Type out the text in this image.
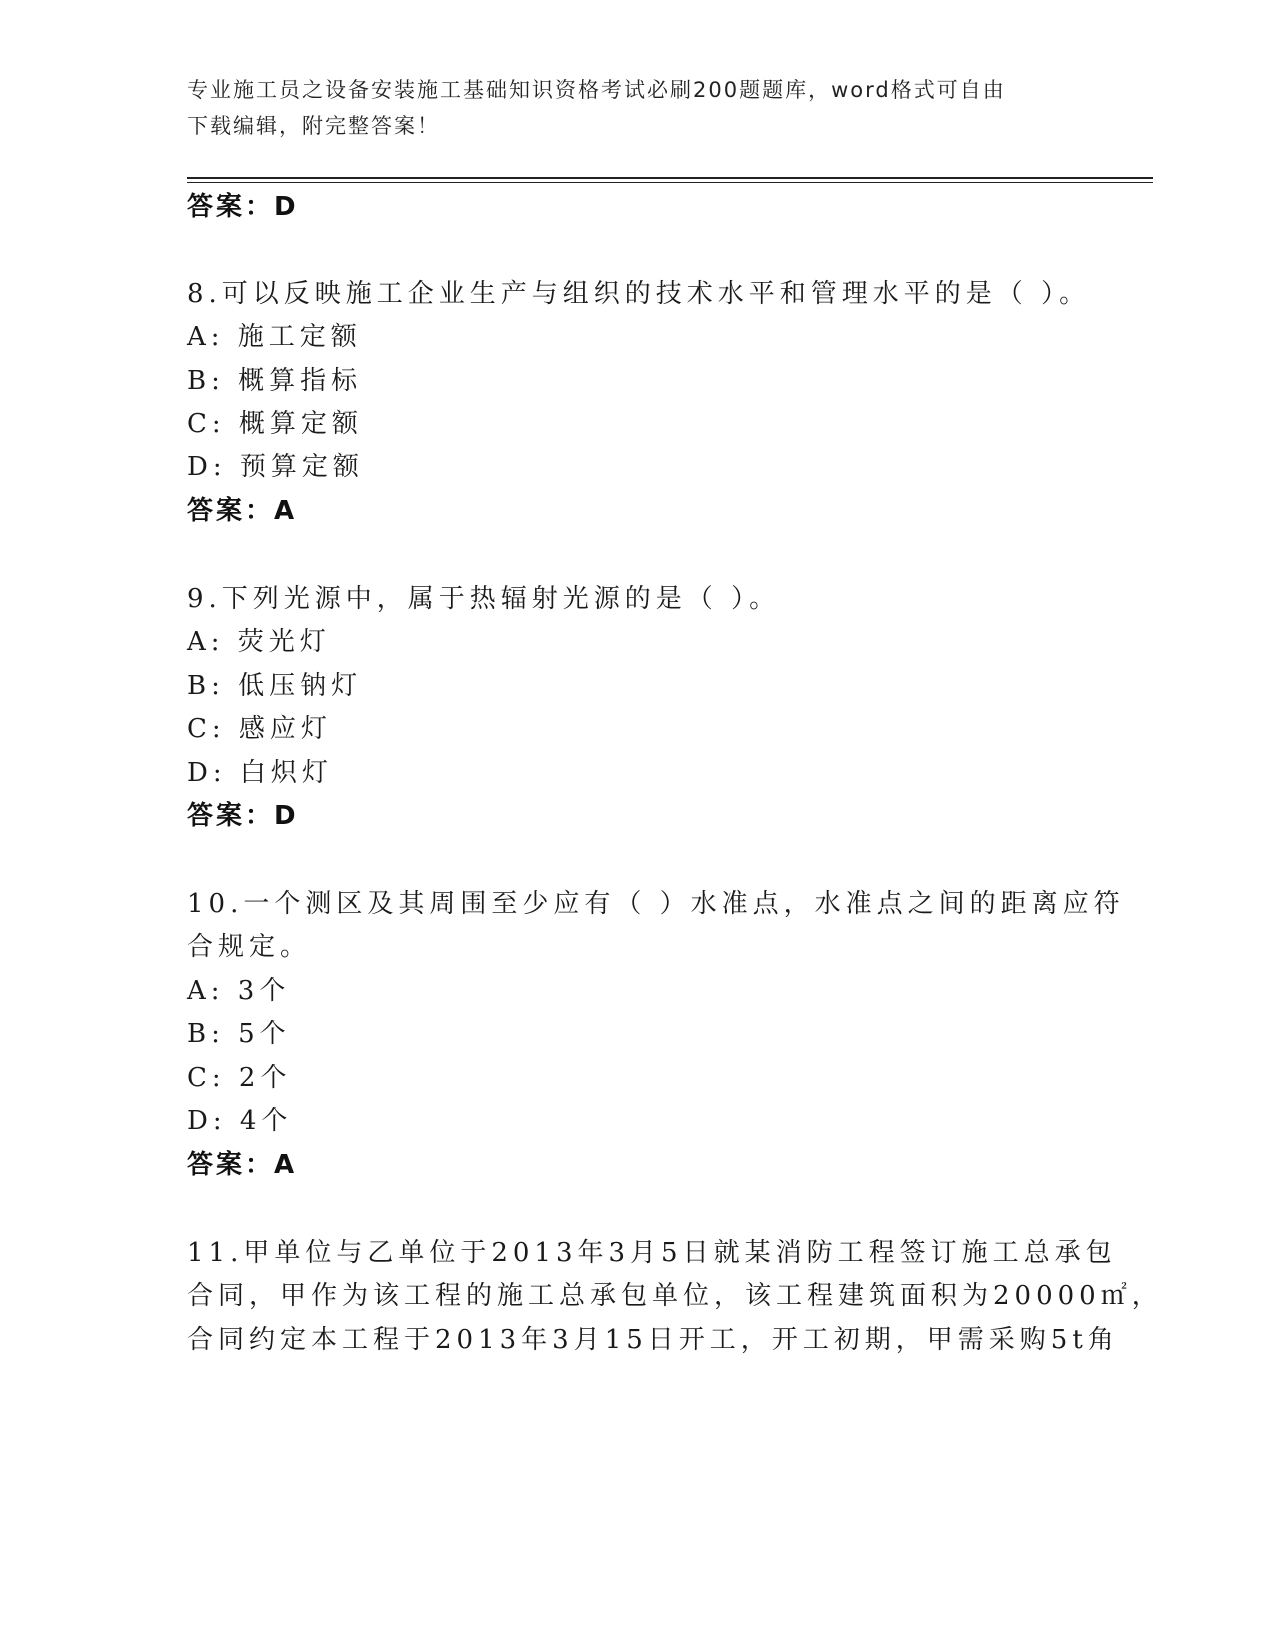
专业施工员之设备安装施工基础知识资格考试必刷200题题库，word格式可自由
下载编辑，附完整答案！
答案：D
8.可以反映施工企业生产与组织的技术水平和管理水平的是（ ）。
A: 施工定额
B: 概算指标
C: 概算定额
D: 预算定额
答案：A
9.下列光源中，属于热辐射光源的是（ ）。
A: 荧光灯
B: 低压钠灯
C: 感应灯
D: 白炽灯
答案：D
10.一个测区及其周围至少应有（ ）水准点，水准点之间的距离应符
合规定。
A: 3个
B: 5个
C: 2个
D: 4个
答案：A
11.甲单位与乙单位于2013年3月5日就某消防工程签订施工总承包
合同，甲作为该工程的施工总承包单位，该工程建筑面积为20000㎡，
合同约定本工程于2013年3月15日开工，开工初期，甲需采购5t角
